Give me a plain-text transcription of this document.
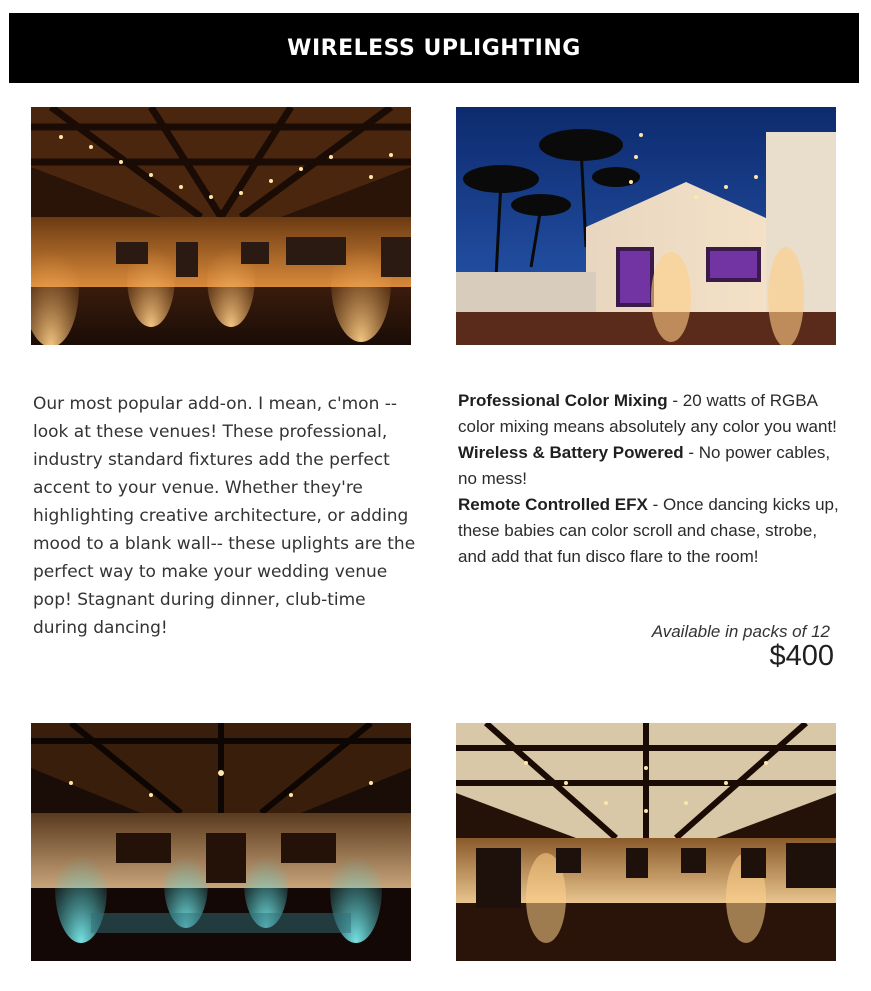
WIRELESS UPLIGHTING
Our most popular add-on. I mean, c'mon -- look at these venues! These professional, industry standard fixtures add the perfect accent to your venue. Whether they're highlighting creative architecture, or adding mood to a blank wall-- these uplights are the perfect way to make your wedding venue pop! Stagnant during dinner, club-time during dancing!

Professional Color Mixing - 20 watts of RGBA color mixing means absolutely any color you want!

Wireless & Battery Powered - No power cables, no mess!

Remote Controlled EFX - Once dancing kicks up, these babies can color scroll and chase, strobe, and add that fun disco flare to the room!

Available in packs of 12
$400
